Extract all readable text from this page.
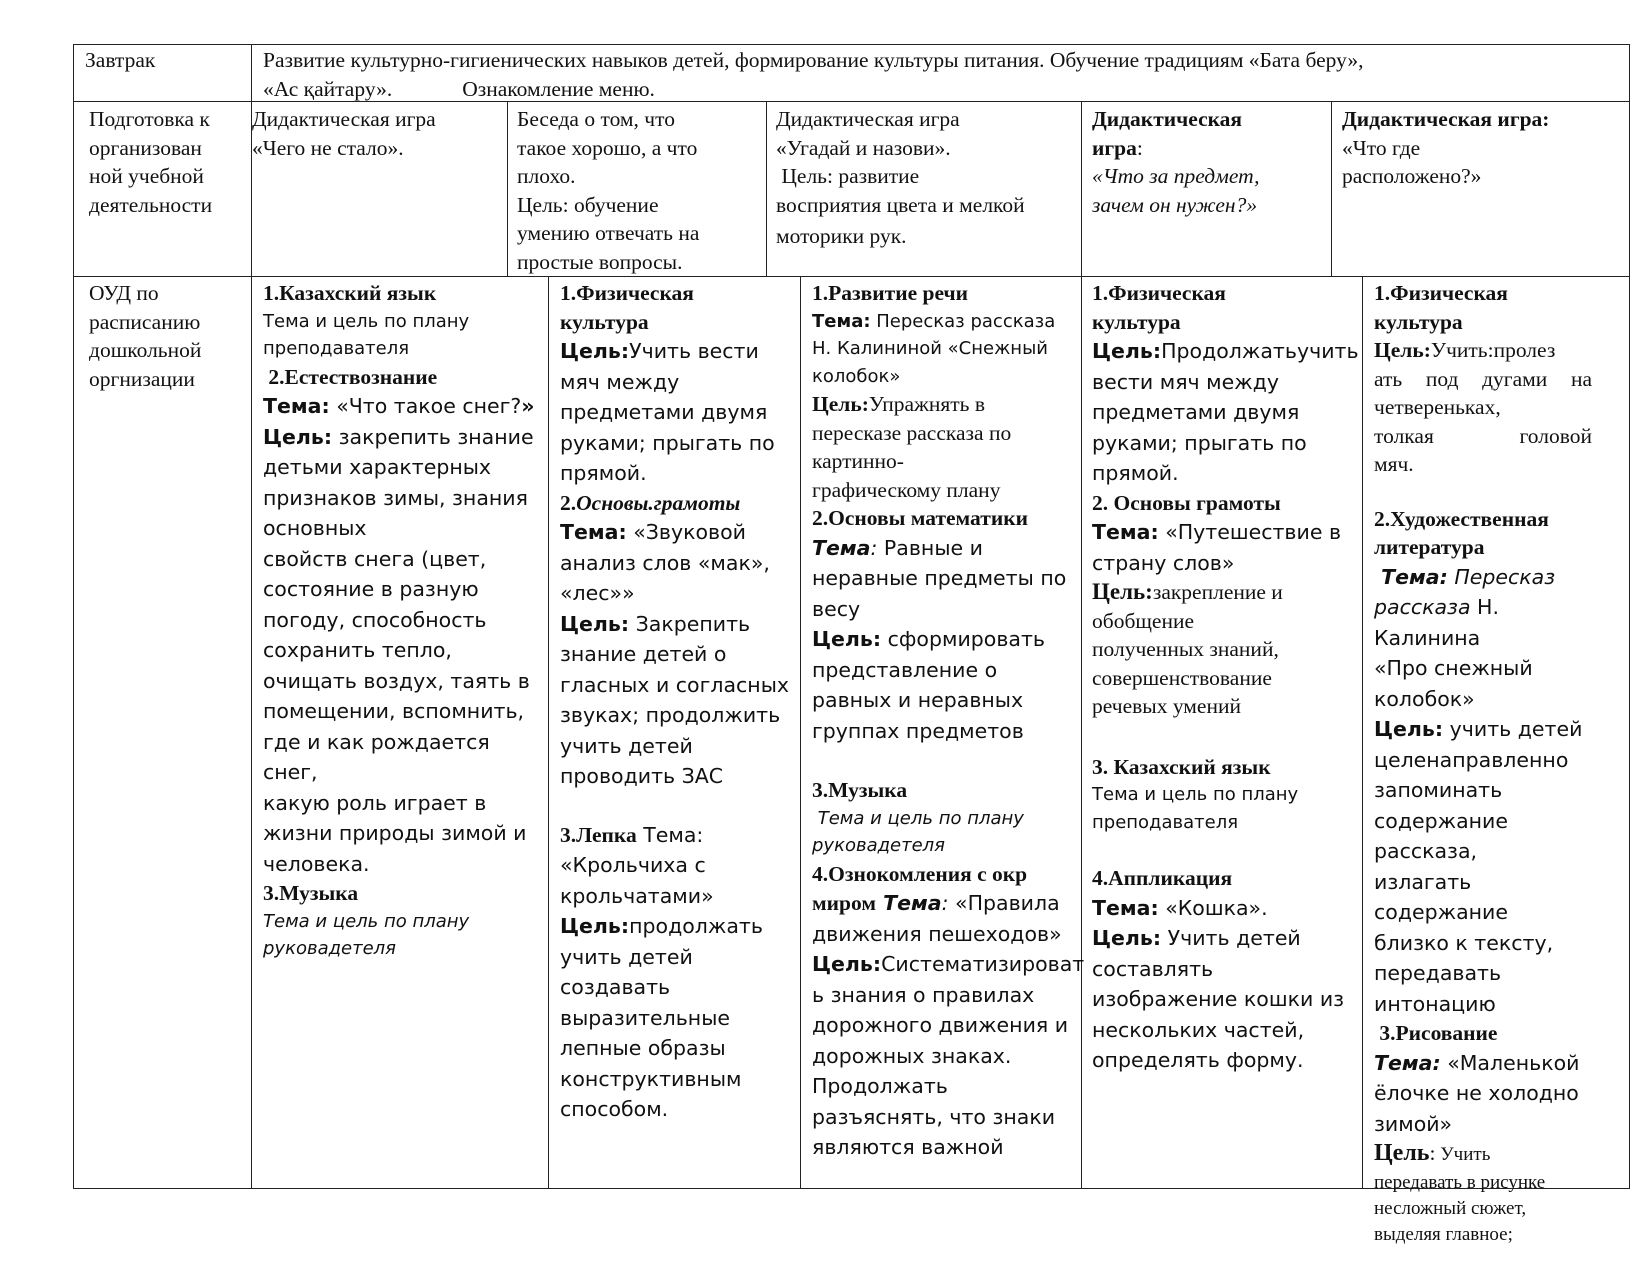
Завтрак	Развитие культурно-гигиенических навыков детей, формирование культуры питания. Обучение традициям «Бата беру»,
«Ас қайтару».	Ознакомление меню.
Подготовка к
организован
ной учебной
деятельности
Дидактическая игра
«Чего не стало».
Беседа о том, что
такое хорошо, а что
плохо.
Цель: обучение
умению отвечать на
простые вопросы.
Дидактическая игра
«Угадай и назови».
Цель: развитие
восприятия цвета и мелкой
моторики рук.
Дидактическая
игра:
«Что за предмет,
зачем он нужен?»
Дидактическая игра:
«Что где
расположено?»
ОУД по
расписанию
дошкольной
оргнизации
1.Казахский язык
Тема и цель по плану
преподавателя
2.Естествознание
Тема: «Что такое снег?»
Цель: закрепить знание
детьми характерных
признаков зимы, знания
основных
свойств снега (цвет,
состояние в разную
погоду, способность
сохранить тепло,
очищать воздух, таять в
помещении, вспомнить,
где и как рождается снег,
какую роль играет в
жизни природы зимой и
человека.
3.Музыка
Тема и цель по плану
руковадетеля
1.Физическая
культура
Цель:Учить вести
мяч между
предметами двумя
руками; прыгать по
прямой.
2.Основы.грамоты
Тема: «Звуковой
анализ слов «мак»,
«лес»»
Цель: Закрепить
знание детей о
гласных и согласных
звуках; продолжить
учить детей
проводить ЗАС
3.Лепка Тема:
«Крольчиха с
крольчатами»
Цель:продолжать
учить детей
создавать
выразительные
лепные образы
конструктивным
способом.
1.Развитие речи
Тема: Пересказ рассказа
Н. Калининой «Снежный
колобок»
Цель:Упражнять в
пересказе рассказа по
картинно-
графическому плану
2.Основы математики
Тема: Равные и
неравные предметы по
весу
Цель: сформировать
представление о
равных и неравных
группах предметов
3.Музыка
Тема и цель по плану
руковадетеля
4.Ознокомления с окр
миром Тема: «Правила
движения пешеходов»
Цель:Систематизироват
ь знания о правилах
дорожного движения и
дорожных знаках.
Продолжать
разъяснять, что знаки
являются важной
1.Физическая
культура
Цель:Продолжатьучить
вести мяч между
предметами двумя
руками; прыгать по
прямой.
2. Основы грамоты
Тема: «Путешествие в
страну слов»
Цель:закрепление и
обобщение
полученных знаний,
совершенствование
речевых умений
3. Казахский язык
Тема и цель по плану
преподавателя
4.Аппликация
Тема: «Кошка».
Цель: Учить детей
составлять
изображение кошки из
нескольких частей,
определять форму.
1.Физическая
культура
Цель:Учить:пролез
ать под дугами на
четвереньках,
толкая головой
мяч.
2.Художественная
литература
Тема: Пересказ
рассказа Н. Калинина
«Про снежный
колобок»
Цель: учить детей
целенаправленно
запоминать
содержание рассказа,
излагать содержание
близко к тексту,
передавать
интонацию
3.Рисование
Тема: «Маленькой
ёлочке не холодно
зимой»
Цель: Учить
передавать в рисунке
несложный сюжет,
выделяя главное;
